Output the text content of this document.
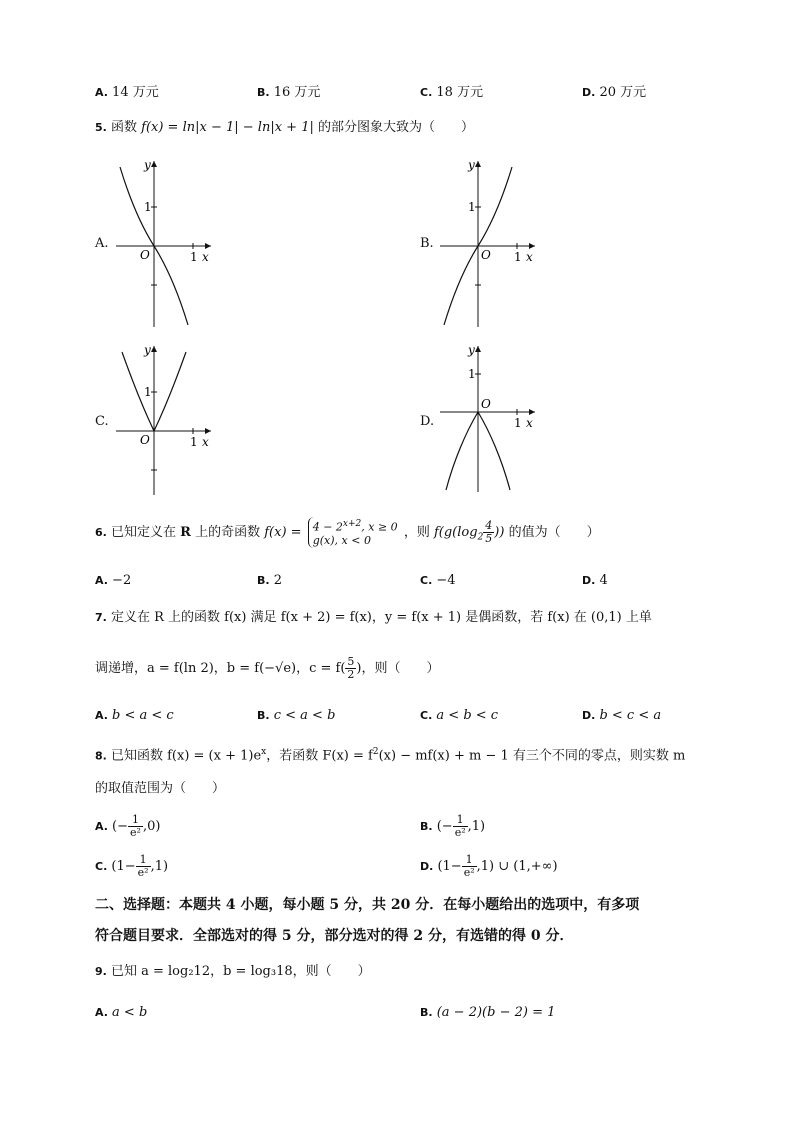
A. 14 万元	B. 16 万元	C. 18 万元	D. 20 万元
5. 函数 f(x) = ln|x − 1| − ln|x + 1| 的部分图象大致为（　　）
A.
y
1
O	1 x
B.
y
1
O 1 x
C.
y
1
O	1 x
D.
y
1
O
1 x
6. 已知定义在 R 上的奇函数 $f(x) = 4 - 2^{x+2}$, x ≥ 0
g(x), x < 0
，则 $f(g(\log_2 \frac{4}{5}$ )) 的值为（　　）
A. −2	B. 2	C. −4	D. 4
7. 定义在 R 上的函数 f(x) 满足 f(x + 2) = f(x)，y = f(x + 1) 是偶函数，若 f(x) 在 (0,1) 上单
调递增，a = f(ln 2)，b = f(−√e)，$c = f( \frac{5}{2}$ )，则（　　）
A. b < a < c	B. c < a < b	C. a < b < c	D. b < c < a
8. 已知函数 $f(x) = (x + 1)e^x$，若函数 $F(x) = f^2(x) - mf(x) + m - 1$ 有三个不同的零点，则实数 m
的取值范围为（　　）
A. (− $\frac{1}{\text{e²}} ,0$)	B. (− $\frac{1}{\text{e²}} ,1$)
C. $(1- \frac{1}{\text{e²}} ,1)$	D. $(1- \frac{1}{\text{e²}} ,1)$ ∪ (1,+∞)
二、选择题：本题共 4 小题，每小题 5 分，共 20 分．在每小题给出的选项中，有多项
符合题目要求．全部选对的得 5 分，部分选对的得 2 分，有选错的得 0 分．
9. 已知 a = log₂12，b = log₃18，则（　　）
A. a < b	B. (a − 2)(b − 2) = 1
